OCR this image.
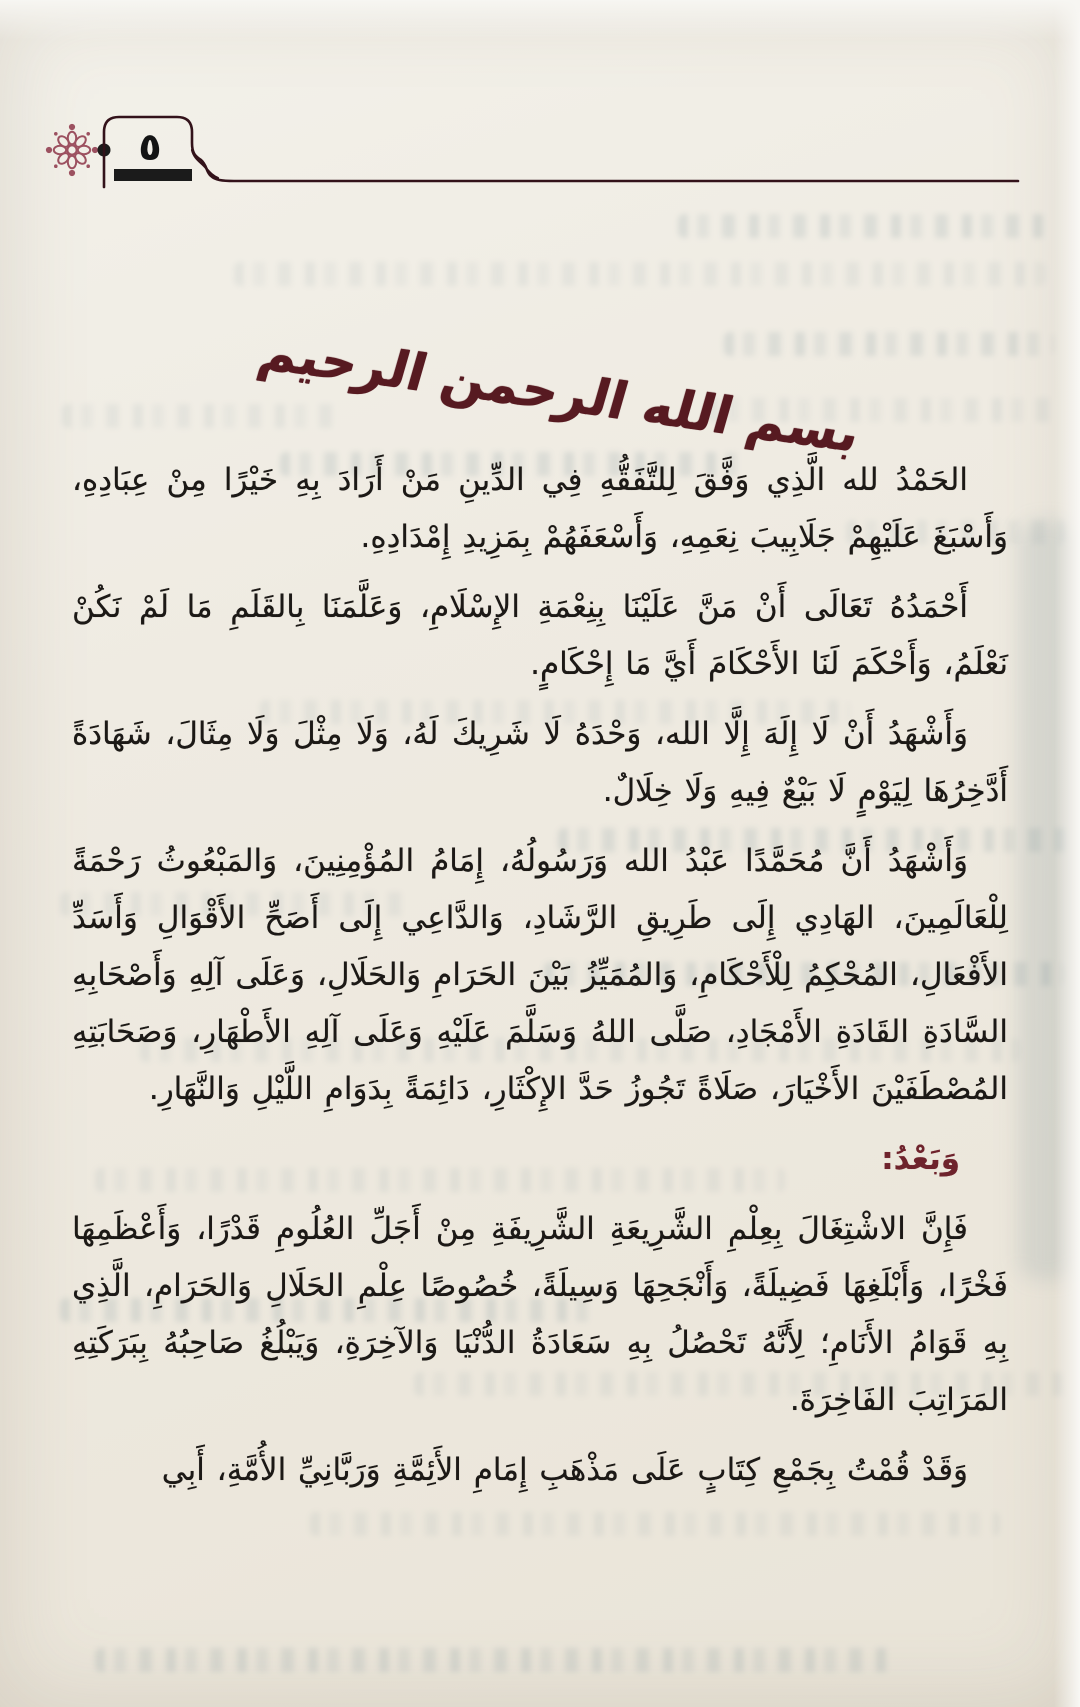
٥
بسم الله الرحمن الرحيم

الحَمْدُ لله الَّذِي وَفَّقَ لِلتَّفَقُّهِ فِي الدِّينِ مَنْ أَرَادَ بِهِ خَيْرًا مِنْ عِبَادِهِ، وَأَسْبَغَ عَلَيْهِمْ جَلَابِيبَ نِعَمِهِ، وَأَسْعَفَهُمْ بِمَزِيدِ إِمْدَادِهِ.

أَحْمَدُهُ تَعَالَى أَنْ مَنَّ عَلَيْنَا بِنِعْمَةِ الإِسْلَامِ، وَعَلَّمَنَا بِالقَلَمِ مَا لَمْ نَكُنْ نَعْلَمُ، وَأَحْكَمَ لَنَا الأَحْكَامَ أَيَّ مَا إِحْكَامٍ.

وَأَشْهَدُ أَنْ لَا إِلَهَ إِلَّا الله، وَحْدَهُ لَا شَرِيكَ لَهُ، وَلَا مِثْلَ وَلَا مِثَالَ، شَهَادَةً أَدَّخِرُهَا لِيَوْمٍ لَا بَيْعٌ فِيهِ وَلَا خِلَالٌ.

وَأَشْهَدُ أَنَّ مُحَمَّدًا عَبْدُ الله وَرَسُولُهُ، إِمَامُ المُؤْمِنِينَ، وَالمَبْعُوثُ رَحْمَةً لِلْعَالَمِينَ، الهَادِي إِلَى طَرِيقِ الرَّشَادِ، وَالدَّاعِي إِلَى أَصَحِّ الأَقْوَالِ وَأَسَدِّ الأَفْعَالِ، المُحْكِمُ لِلْأَحْكَامِ، وَالمُمَيِّزُ بَيْنَ الحَرَامِ وَالحَلَالِ، وَعَلَى آلِهِ وَأَصْحَابِهِ السَّادَةِ القَادَةِ الأَمْجَادِ، صَلَّى اللهُ وَسَلَّمَ عَلَيْهِ وَعَلَى آلِهِ الأَطْهَارِ، وَصَحَابَتِهِ المُصْطَفَيْنَ الأَخْيَارَ، صَلَاةً تَجُوزُ حَدَّ الإِكْثَارِ، دَائِمَةً بِدَوَامِ اللَّيْلِ وَالنَّهَارِ.

وَبَعْدُ:

فَإِنَّ الاشْتِغَالَ بِعِلْمِ الشَّرِيعَةِ الشَّرِيفَةِ مِنْ أَجَلِّ العُلُومِ قَدْرًا، وَأَعْظَمِهَا فَخْرًا، وَأَبْلَغِهَا فَضِيلَةً، وَأَنْجَحِهَا وَسِيلَةً، خُصُوصًا عِلْمِ الحَلَالِ وَالحَرَامِ، الَّذِي بِهِ قَوَامُ الأَنَامِ؛ لِأَنَّهُ تَحْصُلُ بِهِ سَعَادَةُ الدُّنْيَا وَالآخِرَةِ، وَيَبْلُغُ صَاحِبُهُ بِبَرَكَتِهِ المَرَاتِبَ الفَاخِرَةَ.

وَقَدْ قُمْتُ بِجَمْعِ كِتَابٍ عَلَى مَذْهَبِ إِمَامِ الأَئِمَّةِ وَرَبَّانِيِّ الأُمَّةِ، أَبِي
